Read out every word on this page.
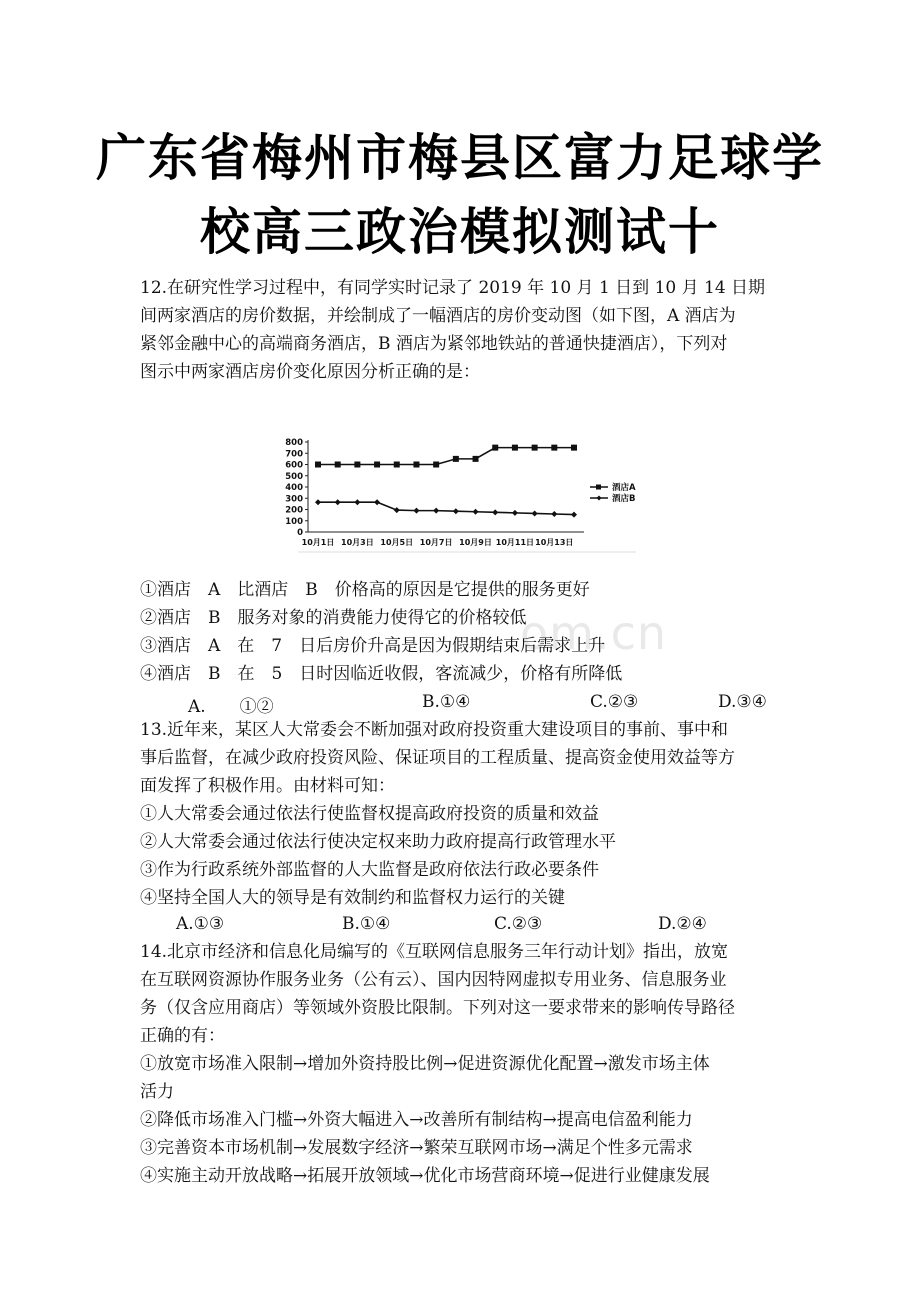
广东省梅州市梅县区富力足球学
校高三政治模拟测试十
12.在研究性学习过程中，有同学实时记录了 2019 年 10 月 1 日到 10 月 14 日期
间两家酒店的房价数据，并绘制成了一幅酒店的房价变动图（如下图，A 酒店为
紧邻金融中心的高端商务酒店，B 酒店为紧邻地铁站的普通快捷酒店），下列对
图示中两家酒店房价变化原因分析正确的是：
0
100
200
300
400
500
600
700
800
10月1日 10月3日 10月5日 10月7日 10月9日 10月11日 10月13日
酒店A
酒店B
om.cn
①酒店　A　比酒店　B　价格高的原因是它提供的服务更好
②酒店　B　服务对象的消费能力使得它的价格较低
③酒店　A　在　7　日后房价升高是因为假期结束后需求上升
④酒店　B　在　5　日时因临近收假，客流减少，价格有所降低
A.　　①②	B.①④	C.②③	D.③④
13.近年来，某区人大常委会不断加强对政府投资重大建设项目的事前、事中和
事后监督，在减少政府投资风险、保证项目的工程质量、提高资金使用效益等方
面发挥了积极作用。由材料可知：
①人大常委会通过依法行使监督权提高政府投资的质量和效益
②人大常委会通过依法行使决定权来助力政府提高行政管理水平
③作为行政系统外部监督的人大监督是政府依法行政必要条件
④坚持全国人大的领导是有效制约和监督权力运行的关键
A.①③	B.①④	C.②③	D.②④
14.北京市经济和信息化局编写的《互联网信息服务三年行动计划》指出，放宽
在互联网资源协作服务业务（公有云）、国内因特网虚拟专用业务、信息服务业
务（仅含应用商店）等领域外资股比限制。下列对这一要求带来的影响传导路径
正确的有：
①放宽市场准入限制→增加外资持股比例→促进资源优化配置→激发市场主体
活力
②降低市场准入门槛→外资大幅进入→改善所有制结构→提高电信盈利能力
③完善资本市场机制→发展数字经济→繁荣互联网市场→满足个性多元需求
④实施主动开放战略→拓展开放领域→优化市场营商环境→促进行业健康发展
